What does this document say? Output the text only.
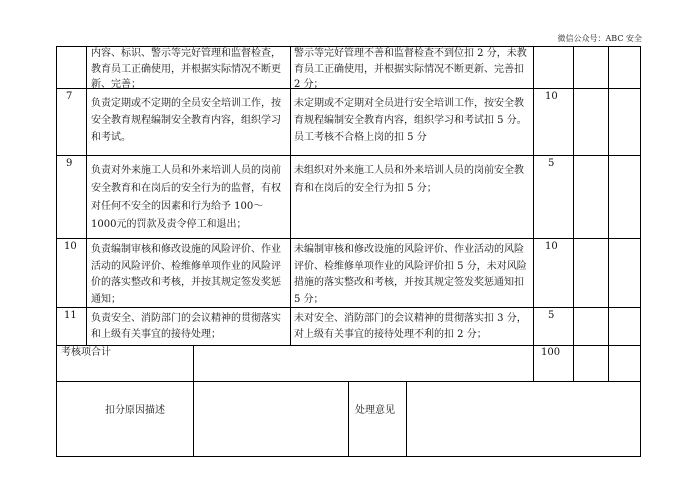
微信公众号：ABC 安全
内容、标识、警示等完好管理和监督检查，教育员工正确使用，并根据实际情况不断更新、完善；
警示等完好管理不善和监督检查不到位扣 2 分，未教育员工正确使用，并根据实际情况不断更新、完善扣 2 分；
7
负责定期或不定期的全员安全培训工作，按安全教育规程编制安全教育内容，组织学习和考试。
未定期或不定期对全员进行安全培训工作，按安全教育规程编制安全教育内容，组织学习和考试扣 5 分。员工考核不合格上岗的扣 5 分
10
9
负责对外来施工人员和外来培训人员的岗前安全教育和在岗后的安全行为的监督，有权对任何不安全的因素和行为给予 100～1000元的罚款及责令停工和退出；
未组织对外来施工人员和外来培训人员的岗前安全教育和在岗后的安全行为扣 5 分；
5
10 负责编制审核和修改设施的风险评价、作业活动的风险评价、检维修单项作业的风险评价的落实整改和考核，并按其规定签发奖惩通知；
未编制审核和修改设施的风险评价、作业活动的风险评价、检维修单项作业的风险评价扣 5 分，未对风险措施的落实整改和考核，并按其规定签发奖惩通知扣 5 分；
10
11 负责安全、消防部门的会议精神的贯彻落实和上级有关事宜的接待处理；
未对安全、消防部门的会议精神的贯彻落实扣 3 分，对上级有关事宜的接待处理不利的扣 2 分；
5
考核项合计	100
扣分原因描述	处理意见
